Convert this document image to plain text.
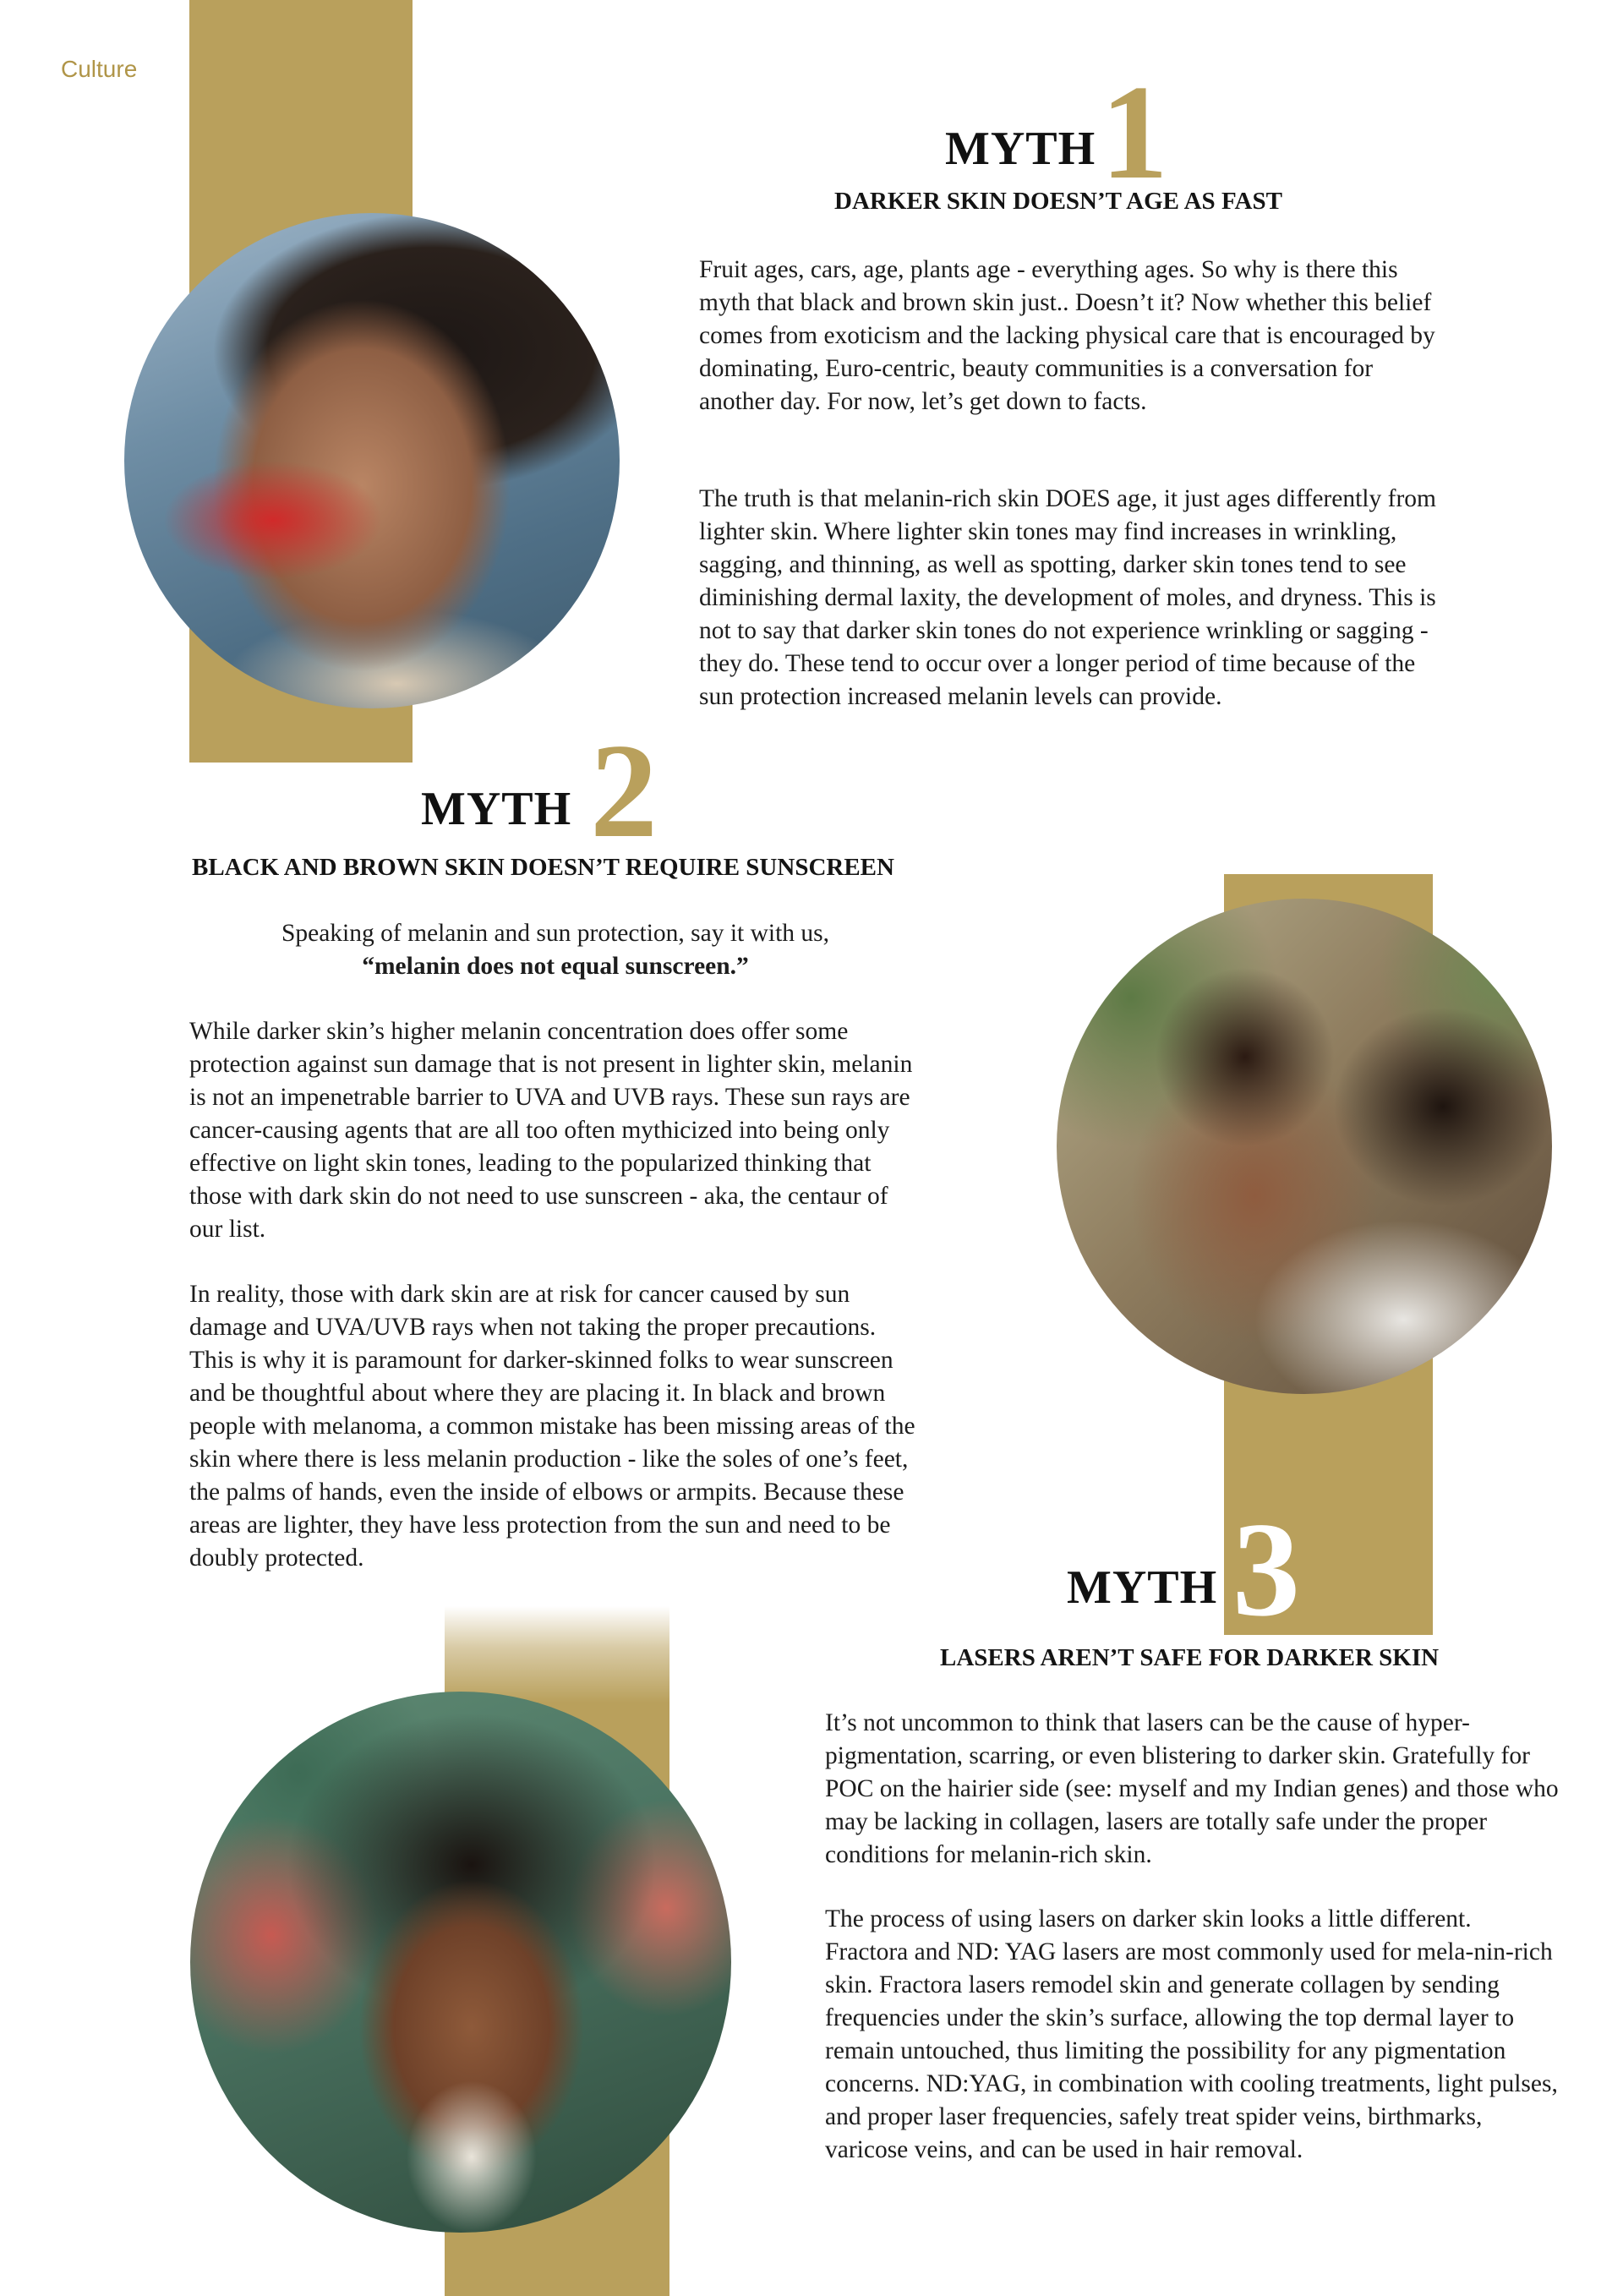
Culture
MYTH 1
DARKER SKIN DOESN’T AGE AS FAST

Fruit ages, cars, age, plants age - everything ages. So why is there this myth that black and brown skin just.. Doesn’t it? Now whether this belief comes from exoticism and the lacking physical care that is encouraged by dominating, Euro-centric, beauty communities is a conversation for another day. For now, let’s get down to facts.

The truth is that melanin-rich skin DOES age, it just ages differently from lighter skin. Where lighter skin tones may find increases in wrinkling, sagging, and thinning, as well as spotting, darker skin tones tend to see diminishing dermal laxity, the development of moles, and dryness. This is not to say that darker skin tones do not experience wrinkling or sagging - they do. These tend to occur over a longer period of time because of the sun protection increased melanin levels can provide.

MYTH 2
BLACK AND BROWN SKIN DOESN’T REQUIRE SUNSCREEN
Speaking of melanin and sun protection, say it with us,
“melanin does not equal sunscreen.”

While darker skin’s higher melanin concentration does offer some protection against sun damage that is not present in lighter skin, melanin is not an impenetrable barrier to UVA and UVB rays. These sun rays are cancer-causing agents that are all too often mythicized into being only effective on light skin tones, leading to the popularized thinking that those with dark skin do not need to use sunscreen - aka, the centaur of our list.

In reality, those with dark skin are at risk for cancer caused by sun damage and UVA/UVB rays when not taking the proper precautions. This is why it is paramount for darker-skinned folks to wear sunscreen and be thoughtful about where they are placing it. In black and brown people with melanoma, a common mistake has been missing areas of the skin where there is less melanin production - like the soles of one’s feet, the palms of hands, even the inside of elbows or armpits. Because these areas are lighter, they have less protection from the sun and need to be doubly protected.

MYTH 3
LASERS AREN’T SAFE FOR DARKER SKIN

It’s not uncommon to think that lasers can be the cause of hyper-pigmentation, scarring, or even blistering to darker skin. Gratefully for POC on the hairier side (see: myself and my Indian genes) and those who may be lacking in collagen, lasers are totally safe under the proper conditions for melanin-rich skin.

The process of using lasers on darker skin looks a little different. Fractora and ND: YAG lasers are most commonly used for mela-nin-rich skin. Fractora lasers remodel skin and generate collagen by sending frequencies under the skin’s surface, allowing the top dermal layer to remain untouched, thus limiting the possibility for any pigmentation concerns. ND:YAG, in combination with cooling treatments, light pulses, and proper laser frequencies, safely treat spider veins, birthmarks, varicose veins, and can be used in hair removal.
